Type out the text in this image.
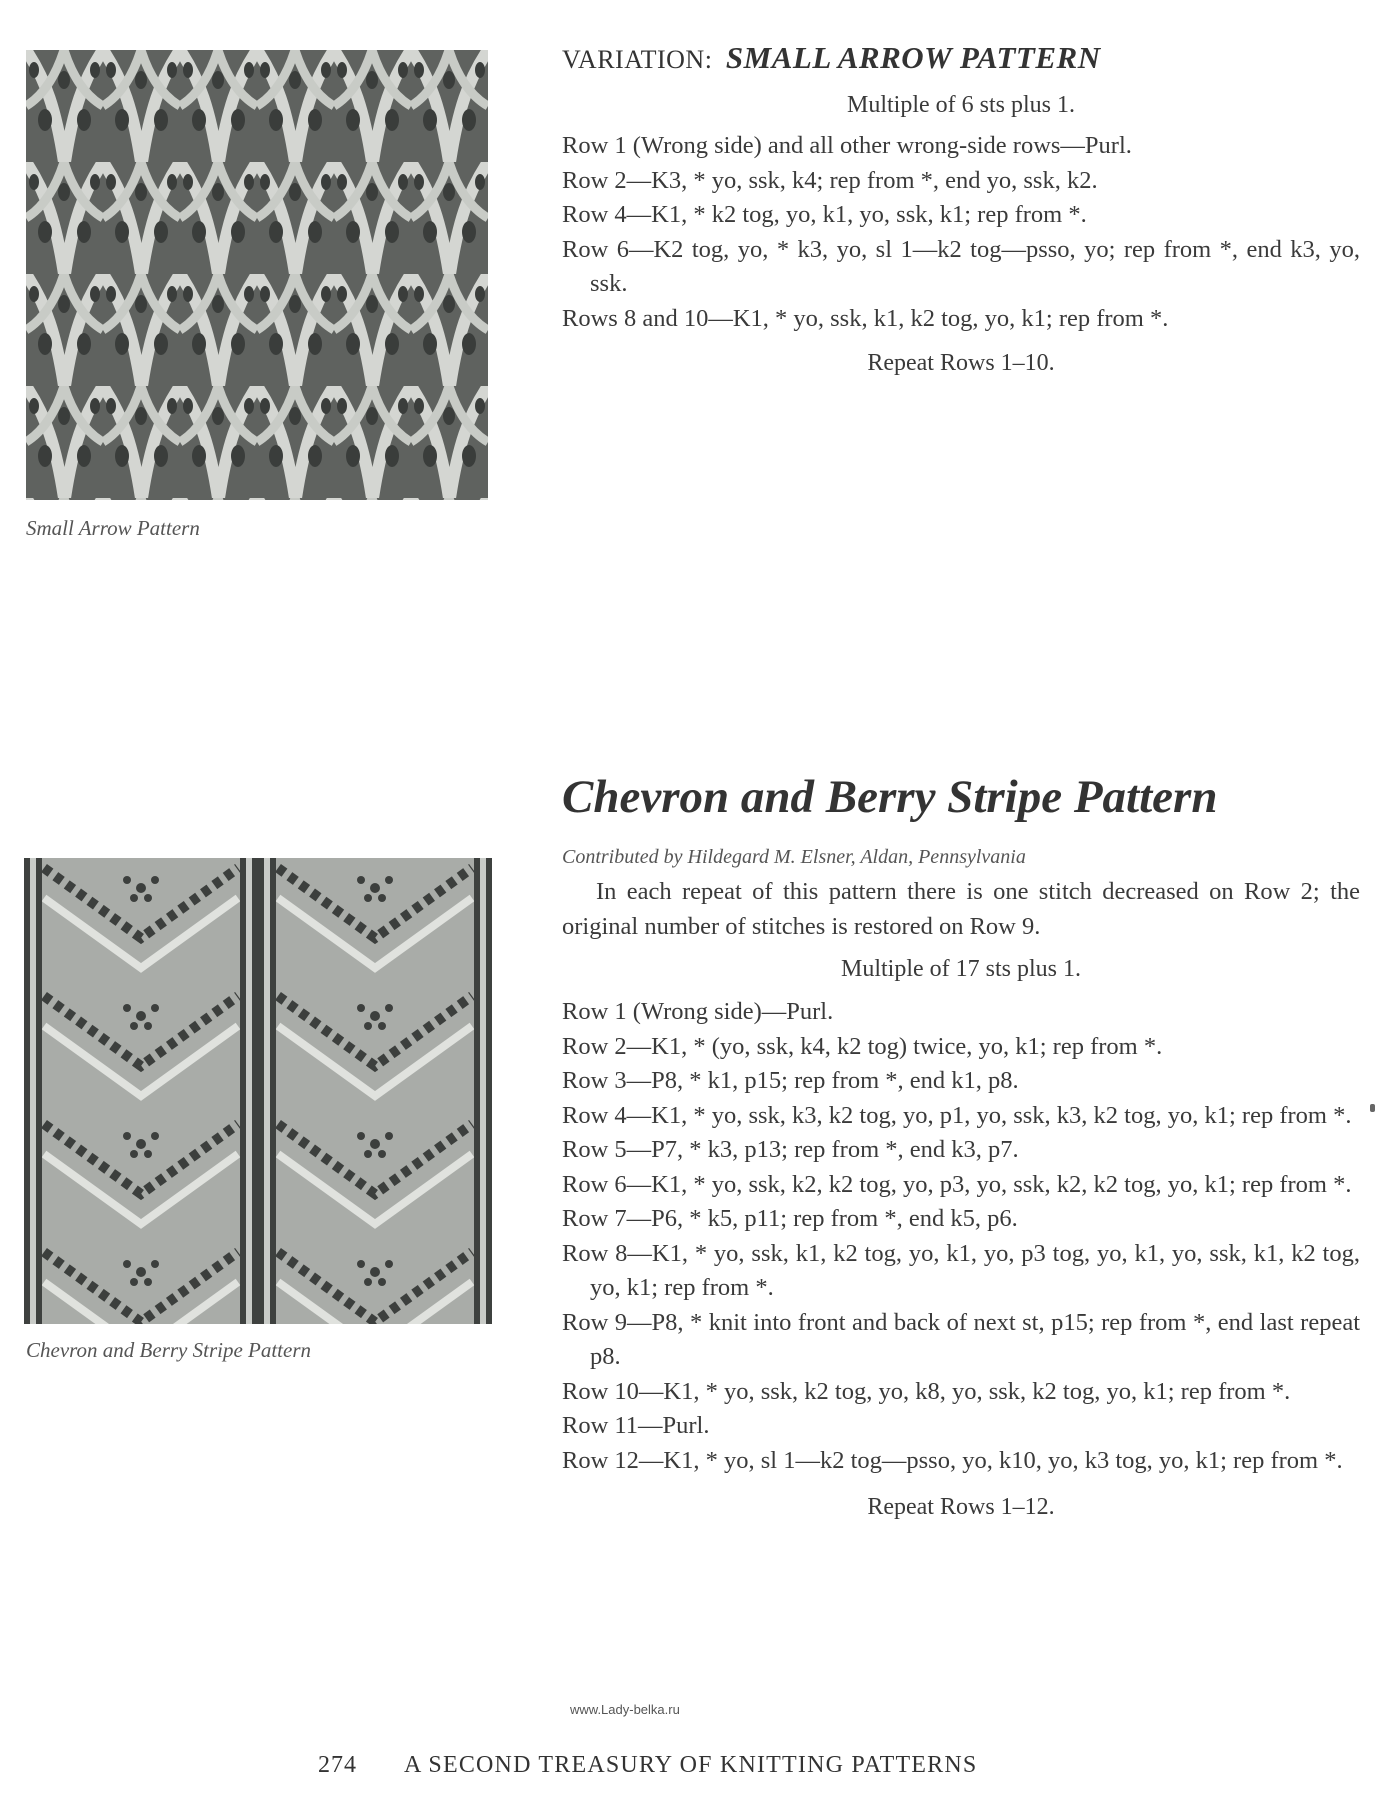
Small Arrow Pattern
VARIATION: SMALL ARROW PATTERN
Multiple of 6 sts plus 1.
Row 1 (Wrong side) and all other wrong-side rows—Purl.
Row 2—K3, * yo, ssk, k4; rep from *, end yo, ssk, k2.
Row 4—K1, * k2 tog, yo, k1, yo, ssk, k1; rep from *.
Row 6—K2 tog, yo, * k3, yo, sl 1—k2 tog—psso, yo; rep from *, end k3, yo, ssk.
Rows 8 and 10—K1, * yo, ssk, k1, k2 tog, yo, k1; rep from *.
Repeat Rows 1–10.
Chevron and Berry Stripe Pattern
Contributed by Hildegard M. Elsner, Aldan, Pennsylvania
In each repeat of this pattern there is one stitch decreased on Row 2; the original number of stitches is restored on Row 9.
Multiple of 17 sts plus 1.
Row 1 (Wrong side)—Purl.
Row 2—K1, * (yo, ssk, k4, k2 tog) twice, yo, k1; rep from *.
Row 3—P8, * k1, p15; rep from *, end k1, p8.
Row 4—K1, * yo, ssk, k3, k2 tog, yo, p1, yo, ssk, k3, k2 tog, yo, k1; rep from *.
Row 5—P7, * k3, p13; rep from *, end k3, p7.
Row 6—K1, * yo, ssk, k2, k2 tog, yo, p3, yo, ssk, k2, k2 tog, yo, k1; rep from *.
Row 7—P6, * k5, p11; rep from *, end k5, p6.
Row 8—K1, * yo, ssk, k1, k2 tog, yo, k1, yo, p3 tog, yo, k1, yo, ssk, k1, k2 tog, yo, k1; rep from *.
Row 9—P8, * knit into front and back of next st, p15; rep from *, end last repeat p8.
Row 10—K1, * yo, ssk, k2 tog, yo, k8, yo, ssk, k2 tog, yo, k1; rep from *.
Row 11—Purl.
Row 12—K1, * yo, sl 1—k2 tog—psso, yo, k10, yo, k3 tog, yo, k1; rep from *.
Repeat Rows 1–12.
Chevron and Berry Stripe Pattern
www.Lady-belka.ru
274 A SECOND TREASURY OF KNITTING PATTERNS
